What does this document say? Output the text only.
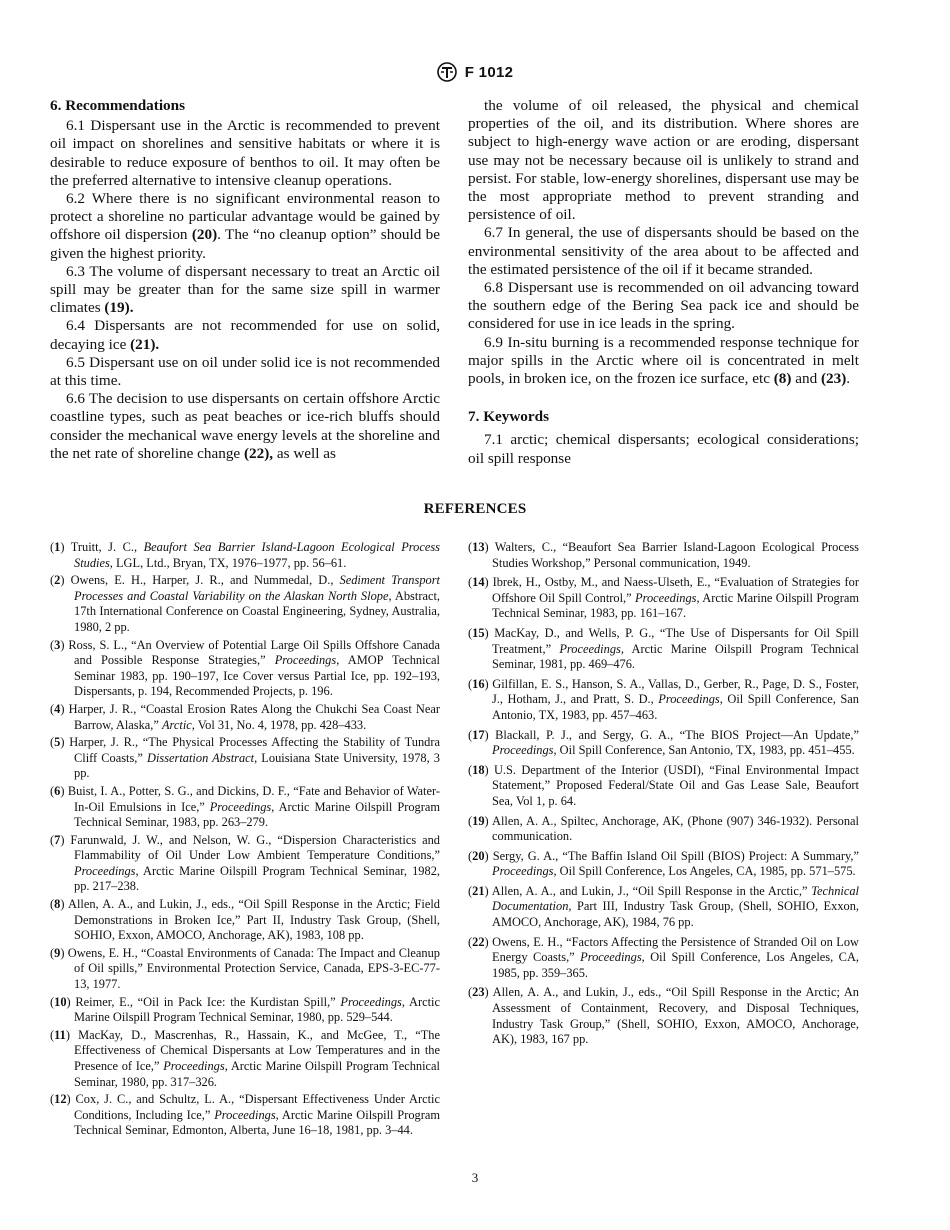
F 1012
6. Recommendations

6.1 Dispersant use in the Arctic is recommended to prevent oil impact on shorelines and sensitive habitats or where it is desirable to reduce exposure of benthos to oil. It may often be the preferred alternative to intensive cleanup operations.

6.2 Where there is no significant environmental reason to protect a shoreline no particular advantage would be gained by offshore oil dispersion (20). The “no cleanup option” should be given the highest priority.

6.3 The volume of dispersant necessary to treat an Arctic oil spill may be greater than for the same size spill in warmer climates (19).

6.4 Dispersants are not recommended for use on solid, decaying ice (21).

6.5 Dispersant use on oil under solid ice is not recommended at this time.

6.6 The decision to use dispersants on certain offshore Arctic coastline types, such as peat beaches or ice-rich bluffs should consider the mechanical wave energy levels at the shoreline and the net rate of shoreline change (22), as well as

the volume of oil released, the physical and chemical properties of the oil, and its distribution. Where shores are subject to high-energy wave action or are eroding, dispersant use may not be necessary because oil is unlikely to strand and persist. For stable, low-energy shorelines, dispersant use may be the most appropriate method to prevent stranding and persistence of oil.

6.7 In general, the use of dispersants should be based on the environmental sensitivity of the area about to be affected and the estimated persistence of the oil if it became stranded.

6.8 Dispersant use is recommended on oil advancing toward the southern edge of the Bering Sea pack ice and should be considered for use in ice leads in the spring.

6.9 In-situ burning is a recommended response technique for major spills in the Arctic where oil is concentrated in melt pools, in broken ice, on the frozen ice surface, etc (8) and (23).

7. Keywords

7.1 arctic; chemical dispersants; ecological considerations; oil spill response

REFERENCES

(1) Truitt, J. C., Beaufort Sea Barrier Island-Lagoon Ecological Process Studies, LGL, Ltd., Bryan, TX, 1976–1977, pp. 56–61.

(2) Owens, E. H., Harper, J. R., and Nummedal, D., Sediment Transport Processes and Coastal Variability on the Alaskan North Slope, Abstract, 17th International Conference on Coastal Engineering, Sydney, Australia, 1980, 2 pp.

(3) Ross, S. L., “An Overview of Potential Large Oil Spills Offshore Canada and Possible Response Strategies,” Proceedings, AMOP Technical Seminar 1983, pp. 190–197, Ice Cover versus Partial Ice, pp. 192–193, Dispersants, p. 194, Recommended Projects, p. 196.

(4) Harper, J. R., “Coastal Erosion Rates Along the Chukchi Sea Coast Near Barrow, Alaska,” Arctic, Vol 31, No. 4, 1978, pp. 428–433.

(5) Harper, J. R., “The Physical Processes Affecting the Stability of Tundra Cliff Coasts,” Dissertation Abstract, Louisiana State University, 1978, 3 pp.

(6) Buist, I. A., Potter, S. G., and Dickins, D. F., “Fate and Behavior of Water-In-Oil Emulsions in Ice,” Proceedings, Arctic Marine Oilspill Program Technical Seminar, 1983, pp. 263–279.

(7) Farunwald, J. W., and Nelson, W. G., “Dispersion Characteristics and Flammability of Oil Under Low Ambient Temperature Conditions,” Proceedings, Arctic Marine Oilspill Program Technical Seminar, 1982, pp. 217–238.

(8) Allen, A. A., and Lukin, J., eds., “Oil Spill Response in the Arctic; Field Demonstrations in Broken Ice,” Part II, Industry Task Group, (Shell, SOHIO, Exxon, AMOCO, Anchorage, AK), 1983, 108 pp.

(9) Owens, E. H., “Coastal Environments of Canada: The Impact and Cleanup of Oil spills,” Environmental Protection Service, Canada, EPS-3-EC-77-13, 1977.

(10) Reimer, E., “Oil in Pack Ice: the Kurdistan Spill,” Proceedings, Arctic Marine Oilspill Program Technical Seminar, 1980, pp. 529–544.

(11) MacKay, D., Mascrenhas, R., Hassain, K., and McGee, T., “The Effectiveness of Chemical Dispersants at Low Temperatures and in the Presence of Ice,” Proceedings, Arctic Marine Oilspill Program Technical Seminar, 1980, pp. 317–326.

(12) Cox, J. C., and Schultz, L. A., “Dispersant Effectiveness Under Arctic Conditions, Including Ice,” Proceedings, Arctic Marine Oilspill Program Technical Seminar, Edmonton, Alberta, June 16–18, 1981, pp. 3–44.

(13) Walters, C., “Beaufort Sea Barrier Island-Lagoon Ecological Process Studies Workshop,” Personal communication, 1949.

(14) Ibrek, H., Ostby, M., and Naess-Ulseth, E., “Evaluation of Strategies for Offshore Oil Spill Control,” Proceedings, Arctic Marine Oilspill Program Technical Seminar, 1983, pp. 161–167.

(15) MacKay, D., and Wells, P. G., “The Use of Dispersants for Oil Spill Treatment,” Proceedings, Arctic Marine Oilspill Program Technical Seminar, 1981, pp. 469–476.

(16) Gilfillan, E. S., Hanson, S. A., Vallas, D., Gerber, R., Page, D. S., Foster, J., Hotham, J., and Pratt, S. D., Proceedings, Oil Spill Conference, San Antonio, TX, 1983, pp. 457–463.

(17) Blackall, P. J., and Sergy, G. A., “The BIOS Project—An Update,” Proceedings, Oil Spill Conference, San Antonio, TX, 1983, pp. 451–455.

(18) U.S. Department of the Interior (USDI), “Final Environmental Impact Statement,” Proposed Federal/State Oil and Gas Lease Sale, Beaufort Sea, Vol 1, p. 64.

(19) Allen, A. A., Spiltec, Anchorage, AK, (Phone (907) 346-1932). Personal communication.

(20) Sergy, G. A., “The Baffin Island Oil Spill (BIOS) Project: A Summary,” Proceedings, Oil Spill Conference, Los Angeles, CA, 1985, pp. 571–575.

(21) Allen, A. A., and Lukin, J., “Oil Spill Response in the Arctic,” Technical Documentation, Part III, Industry Task Group, (Shell, SOHIO, Exxon, AMOCO, Anchorage, AK), 1984, 76 pp.

(22) Owens, E. H., “Factors Affecting the Persistence of Stranded Oil on Low Energy Coasts,” Proceedings, Oil Spill Conference, Los Angeles, CA, 1985, pp. 359–365.

(23) Allen, A. A., and Lukin, J., eds., “Oil Spill Response in the Arctic; An Assessment of Containment, Recovery, and Disposal Techniques, Industry Task Group,” (Shell, SOHIO, Exxon, AMOCO, Anchorage, AK), 1983, 167 pp.

3
